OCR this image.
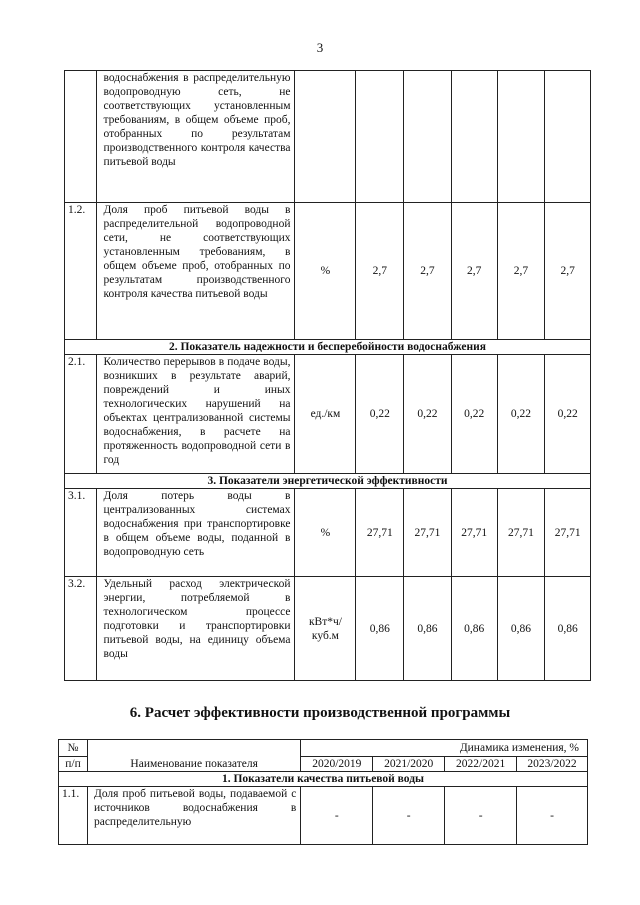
3
	водоснабжения в распределительную водопроводную сеть, не соответствующих установленным требованиям, в общем объеме проб, отобранных по результатам производственного контроля качества питьевой воды						
1.2.	Доля проб питьевой воды в распределительной водопроводной сети, не соответствующих установленным требованиям, в общем объеме проб, отобранных по результатам производственного контроля качества питьевой воды	%	2,7	2,7	2,7	2,7	2,7
2. Показатель надежности и бесперебойности водоснабжения							
2.1.	Количество перерывов в подаче воды, возникших в результате аварий, повреждений и иных технологических нарушений на объектах централизованной системы водоснабжения, в расчете на протяженность водопроводной сети в год	ед./км	0,22	0,22	0,22	0,22	0,22
3. Показатели энергетической эффективности							
3.1.	Доля потерь воды в централизованных системах водоснабжения при транспортировке в общем объеме воды, поданной в водопроводную сеть	%	27,71	27,71	27,71	27,71	27,71
3.2.	Удельный расход электрической энергии, потребляемой в технологическом процессе подготовки и транспортировки питьевой воды, на единицу объема воды	кВт*ч/ куб.м	0,86	0,86	0,86	0,86	0,86
6. Расчет эффективности производственной программы
№	Наименование показателя	Динамика изменения, %			
п/п		2020/2019	2021/2020	2022/2021	2023/2022
1. Показатели качества питьевой воды					
1.1.	Доля проб питьевой воды, подаваемой с источников водоснабжения в распределительную	-	-	-	-
